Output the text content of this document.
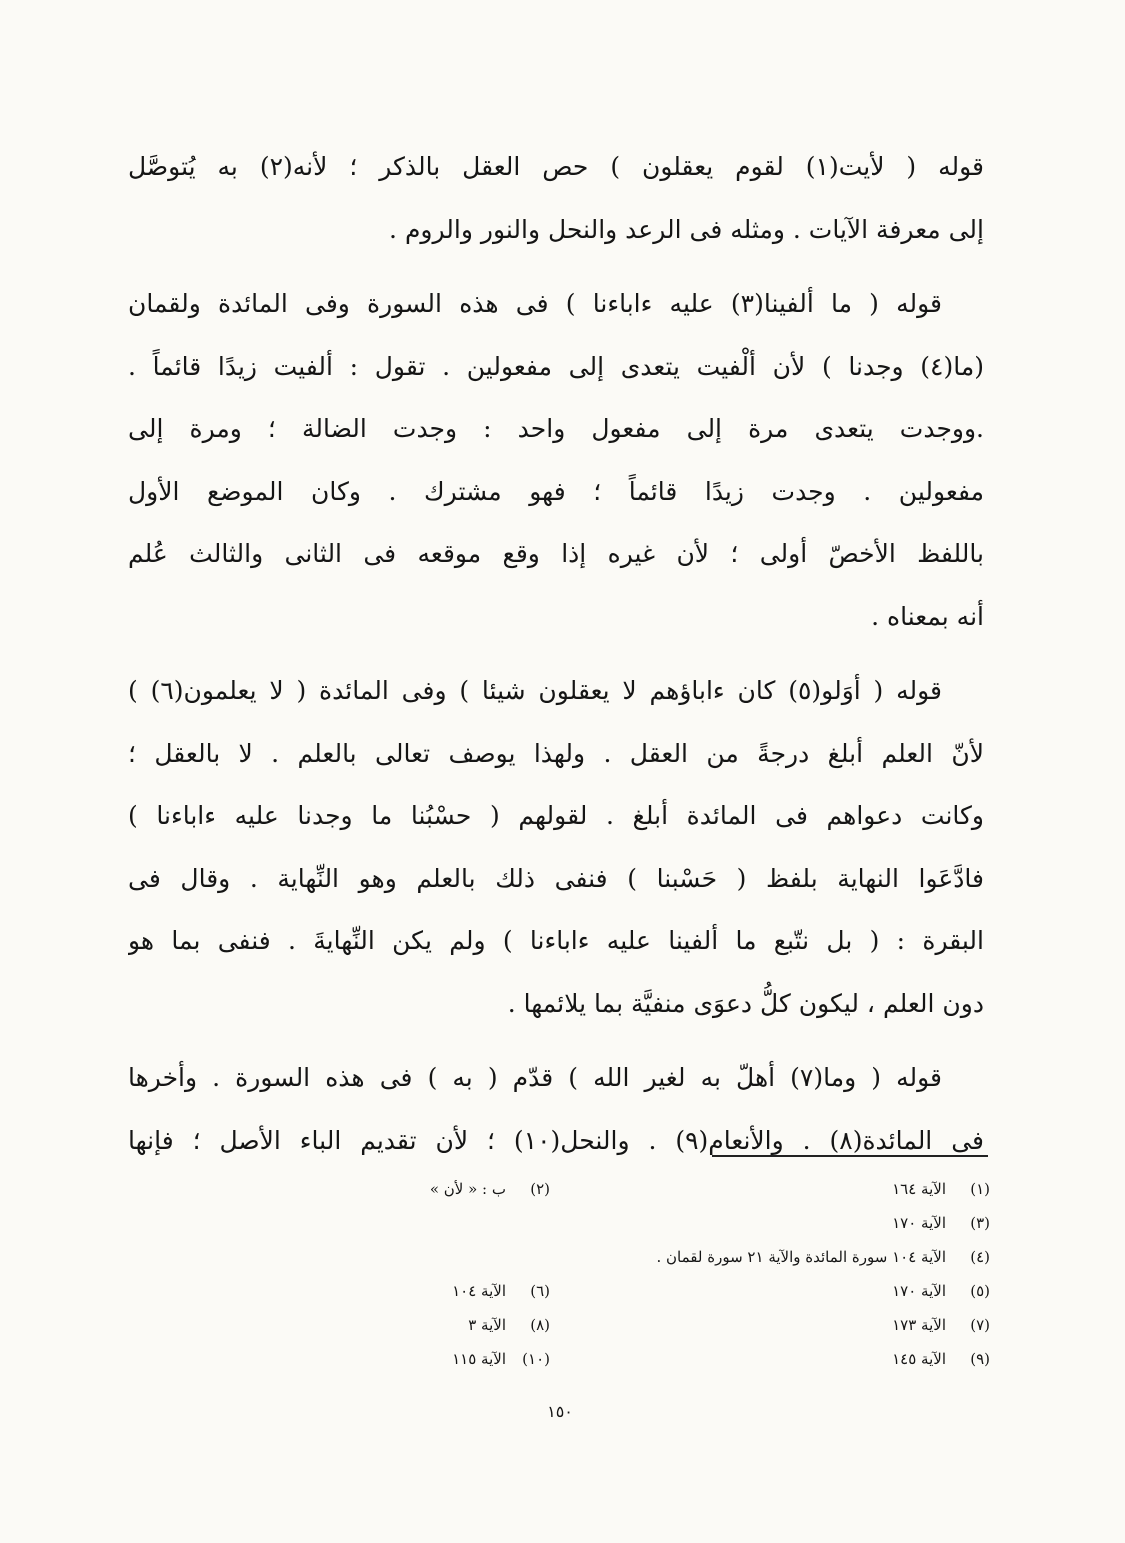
قوله ( لأيت(١) لقوم يعقلون ) حص العقل بالذكر ؛ لأنه(٢) به يُتوصَّل
إلى معرفة الآيات . ومثله فى الرعد والنحل والنور والروم .
قوله ( ما ألفينا(٣) عليه ءاباءنا ) فى هذه السورة وفى المائدة ولقمان
(ما(٤) وجدنا ) لأن ألْفيت يتعدى إلى مفعولين . تقول : ألفيت زيدًا قائماً .
.ووجدت يتعدى مرة إلى مفعول واحد : وجدت الضالة ؛ ومرة إلى
مفعولين . وجدت زيدًا قائماً ؛ فهو مشترك . وكان الموضع الأول
باللفظ الأخصّ أولى ؛ لأن غيره إذا وقع موقعه فى الثانى والثالث عُلم
أنه بمعناه .
قوله ( أوَلو(٥) كان ءاباؤهم لا يعقلون شيئا ) وفى المائدة ( لا يعلمون(٦) )
لأنّ العلم أبلغ درجةً من العقل . ولهذا يوصف تعالى بالعلم . لا بالعقل ؛
وكانت دعواهم فى المائدة أبلغ . لقولهم ( حسْبُنا ما وجدنا عليه ءاباءنا )
فادَّعَوا النهاية بلفظ ( حَسْبنا ) فنفى ذلك بالعلم وهو النِّهاية . وقال فى
البقرة : ( بل نتّبع ما ألفينا عليه ءاباءنا ) ولم يكن النِّهايةَ . فنفى بما هو
دون العلم ، ليكون كلُّ دعوَى منفيَّة بما يلائمها .
قوله ( وما(٧) أهلّ به لغير الله ) قدّم ( به ) فى هذه السورة . وأخرها
فى المائدة(٨) . والأنعام(٩) . والنحل(١٠) ؛ لأن تقديم الباء الأصل ؛ فإنها
(١)الآية ١٦٤(٢)ب : « لأن »
(٣)الآية ١٧٠
(٤)الآية ١٠٤ سورة المائدة والآية ٢١ سورة لقمان .
(٥)الآية ١٧٠(٦)الآية ١٠٤
(٧)الآية ١٧٣(٨)الآية ٣
(٩)الآية ١٤٥(١٠)الآية ١١٥
١٥٠
